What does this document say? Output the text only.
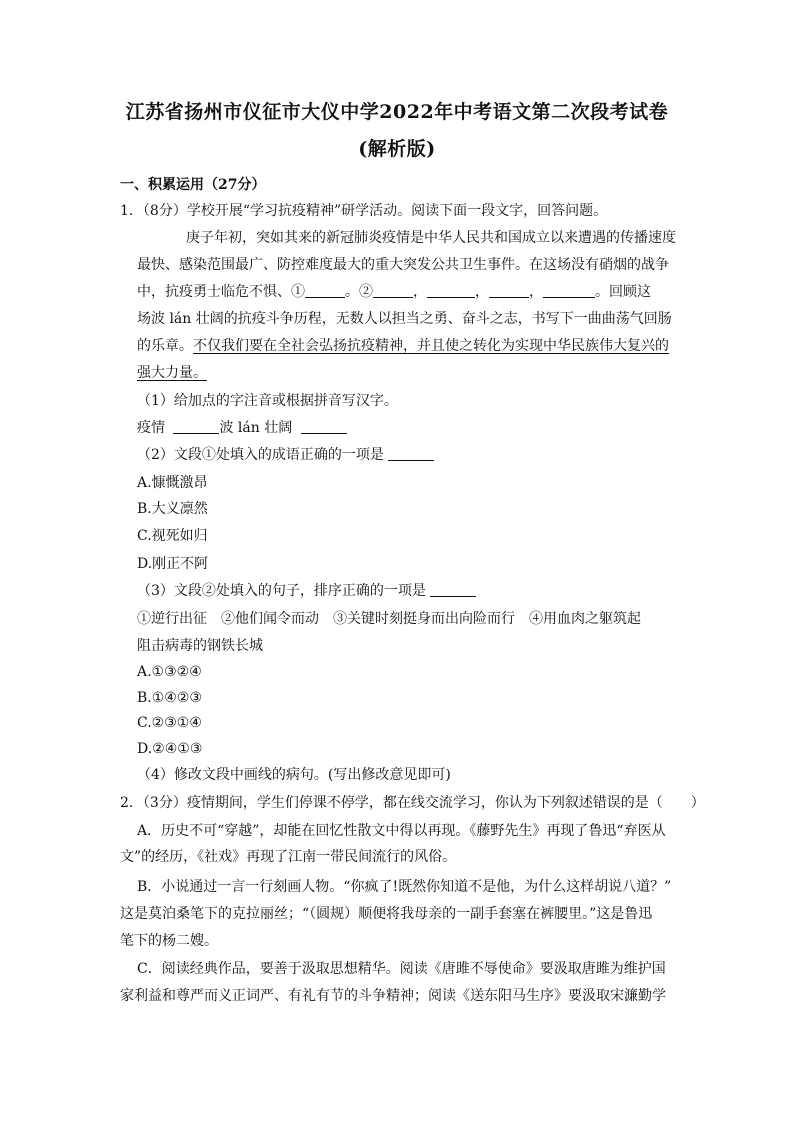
江苏省扬州市仪征市大仪中学2022年中考语文第二次段考试卷
(解析版)
一、积累运用（27分）
1．（8分）学校开展“学习抗疫精神”研学活动。阅读下面一段文字，回答问题。
庚子年初，突如其来的新冠肺炎疫情是中华人民共和国成立以来遭遇的传播速度
最快、感染范围最广、防控难度最大的重大突发公共卫生事件。在这场没有硝烟的战争
中，抗疫勇士临危不惧、①	。②	，	，	，	。回顾这
场波 lán 壮阔的抗疫斗争历程，无数人以担当之勇、奋斗之志，书写下一曲曲荡气回肠
的乐章。不仅我们要在全社会弘扬抗疫精神，并且使之转化为实现中华民族伟大复兴的
强大力量。
（1）给加点的字注音或根据拼音写汉字。
疫情	波 lán 壮阔
（2）文段①处填入的成语正确的一项是
A.慷慨激昂
B.大义凛然
C.视死如归
D.刚正不阿
（3）文段②处填入的句子，排序正确的一项是
①逆行出征　②他们闻令而动　③关键时刻挺身而出向险而行　④用血肉之躯筑起
阻击病毒的钢铁长城
A.①③②④
B.①④②③
C.②③①④
D.②④①③
（4）修改文段中画线的病句。(写出修改意见即可)
2．（3分）疫情期间，学生们停课不停学，都在线交流学习，你认为下列叙述错误的是（　　）
A．历史不可“穿越”，却能在回忆性散文中得以再现。《藤野先生》再现了鲁迅“弃医从
文”的经历，《社戏》再现了江南一带民间流行的风俗。
B．小说通过一言一行刻画人物。“你疯了!既然你知道不是他，为什么这样胡说八道？”
这是莫泊桑笔下的克拉丽丝；“（圆规）顺便将我母亲的一副手套塞在裤腰里。”这是鲁迅
笔下的杨二嫂。
C．阅读经典作品，要善于汲取思想精华。阅读《唐雎不辱使命》要汲取唐雎为维护国
家利益和尊严而义正词严、有礼有节的斗争精神；阅读《送东阳马生序》要汲取宋濂勤学
